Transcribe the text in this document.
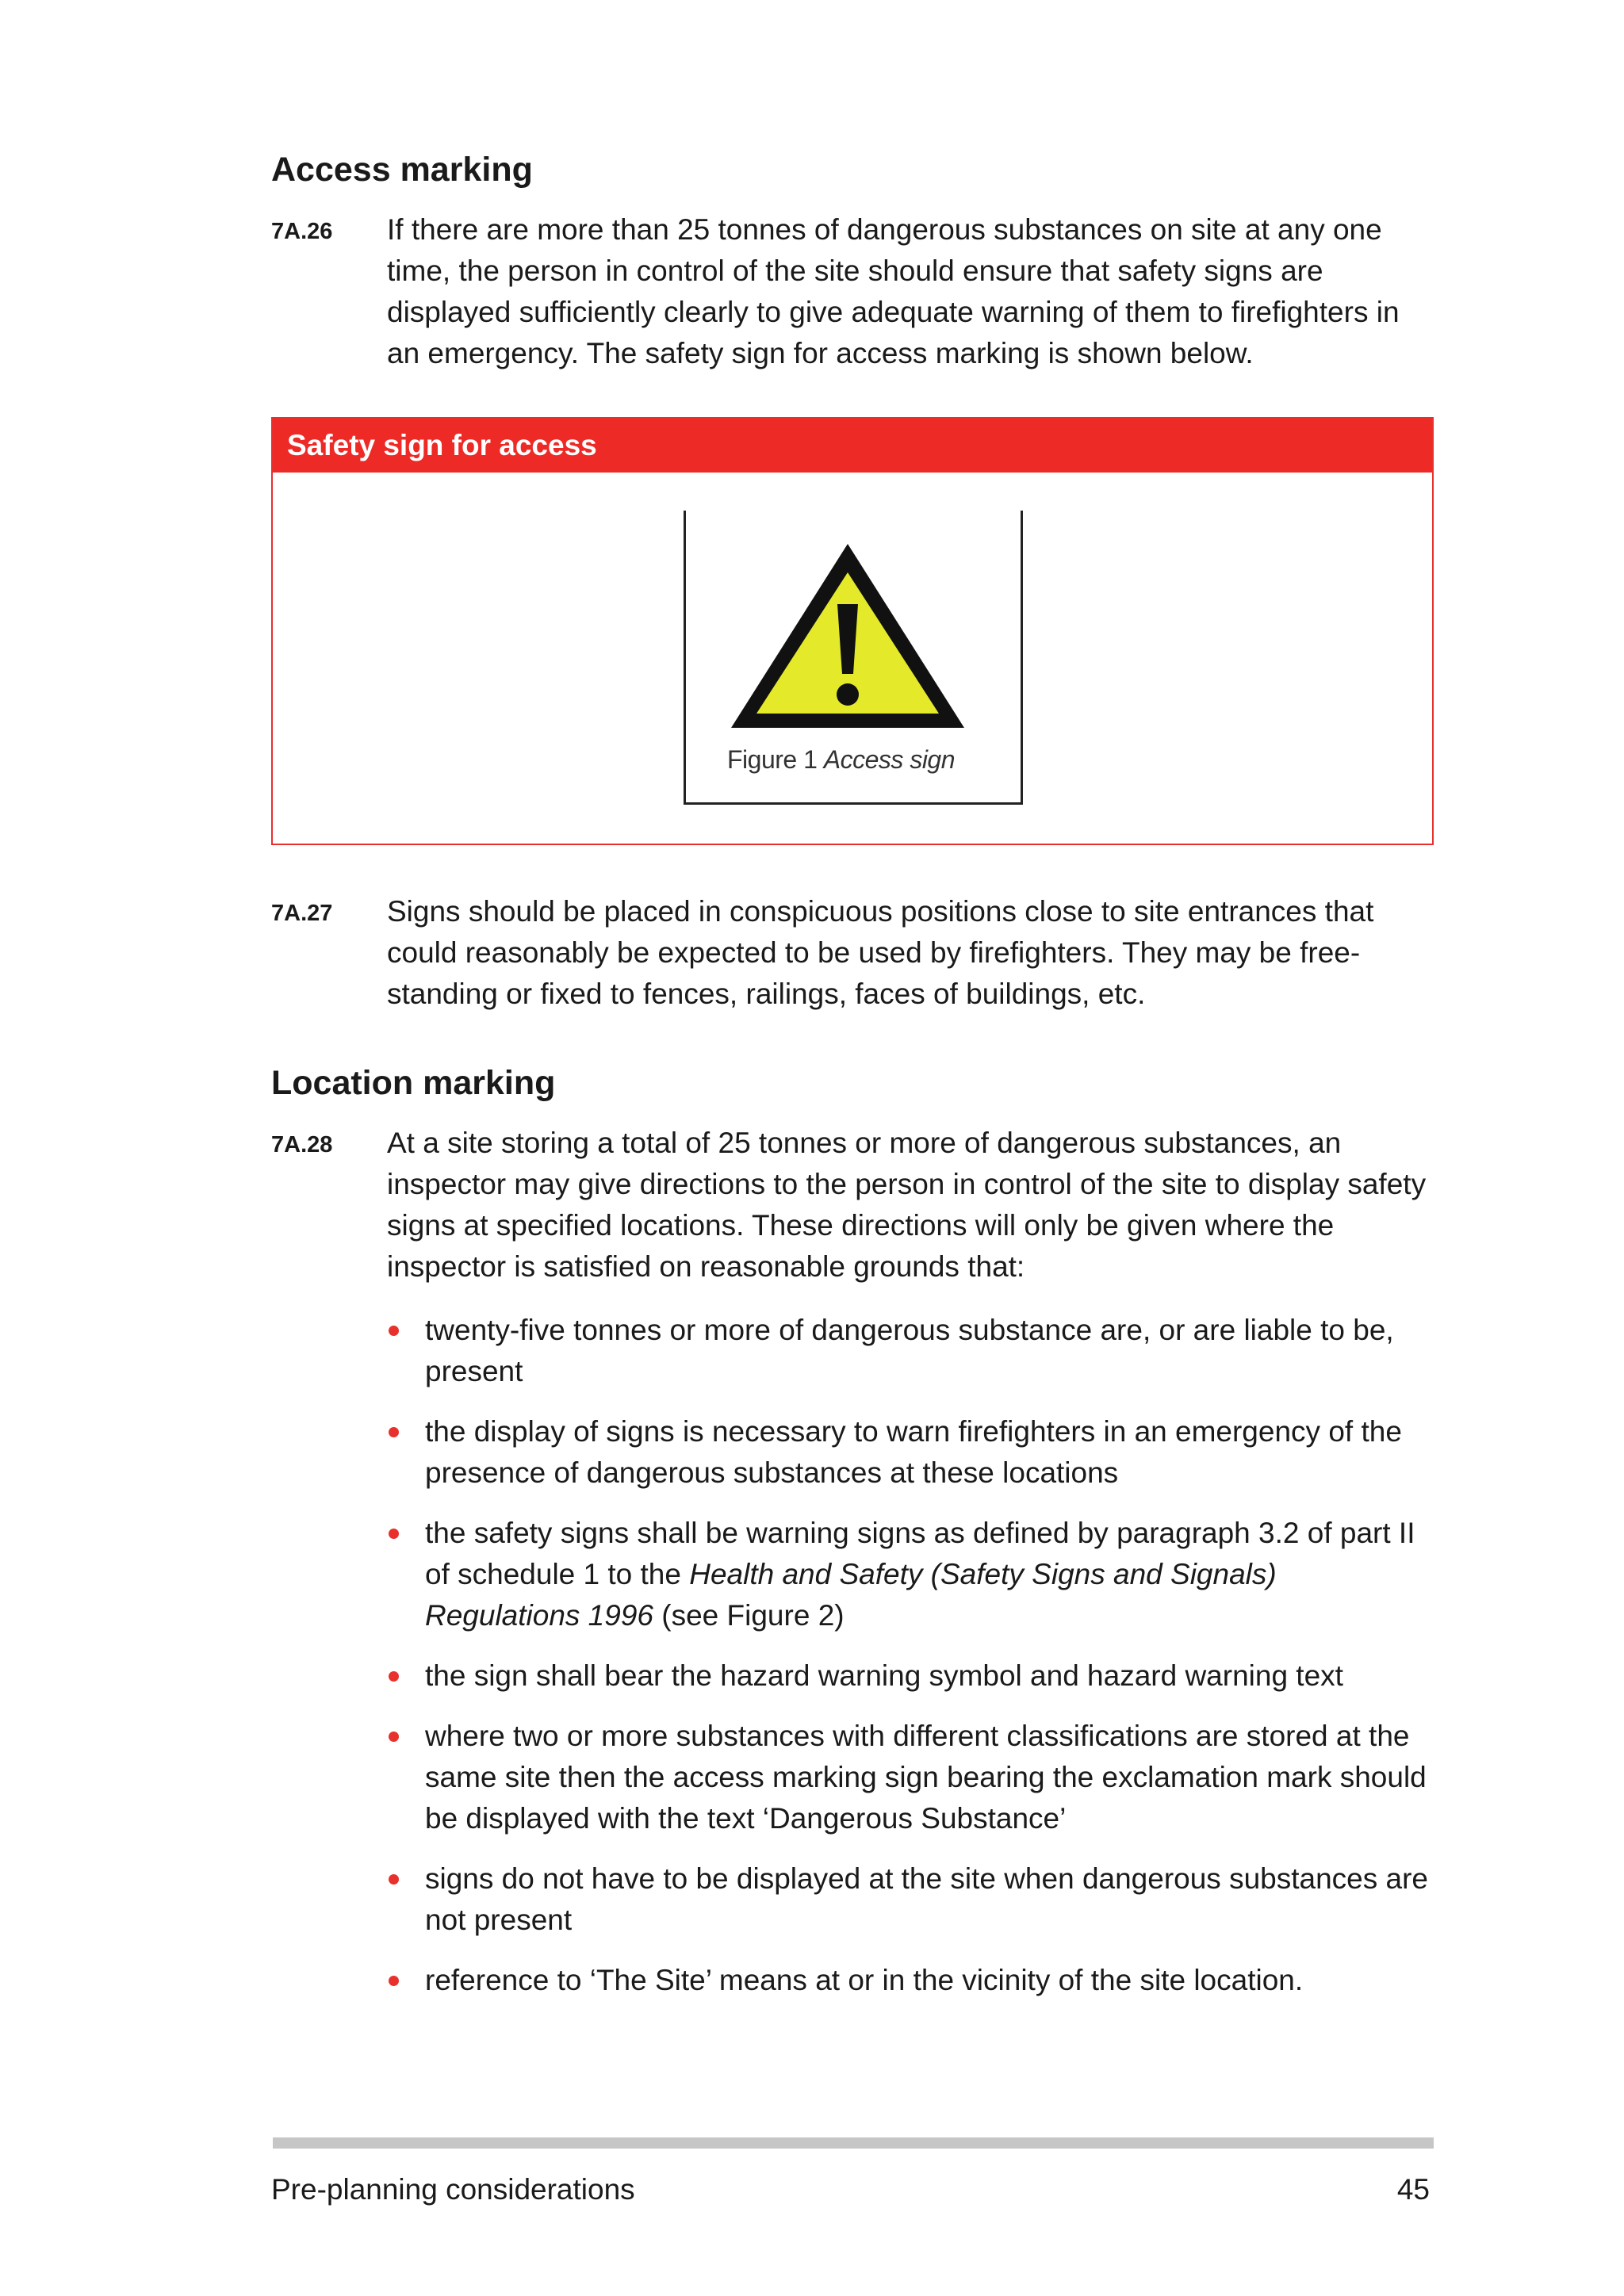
Access marking
7A.26 If there are more than 25 tonnes of dangerous substances on site at any one time, the person in control of the site should ensure that safety signs are displayed sufficiently clearly to give adequate warning of them to firefighters in an emergency. The safety sign for access marking is shown below.
Safety sign for access
Figure 1 Access sign
7A.27 Signs should be placed in conspicuous positions close to site entrances that could reasonably be expected to be used by firefighters. They may be free-standing or fixed to fences, railings, faces of buildings, etc.
Location marking
7A.28 At a site storing a total of 25 tonnes or more of dangerous substances, an inspector may give directions to the person in control of the site to display safety signs at specified locations. These directions will only be given where the inspector is satisfied on reasonable grounds that:
twenty-five tonnes or more of dangerous substance are, or are liable to be, present
the display of signs is necessary to warn firefighters in an emergency of the presence of dangerous substances at these locations
the safety signs shall be warning signs as defined by paragraph 3.2 of part II of schedule 1 to the Health and Safety (Safety Signs and Signals) Regulations 1996 (see Figure 2)
the sign shall bear the hazard warning symbol and hazard warning text
where two or more substances with different classifications are stored at the same site then the access marking sign bearing the exclamation mark should be displayed with the text ‘Dangerous Substance’
signs do not have to be displayed at the site when dangerous substances are not present
reference to ‘The Site’ means at or in the vicinity of the site location.
Pre-planning considerations	45
